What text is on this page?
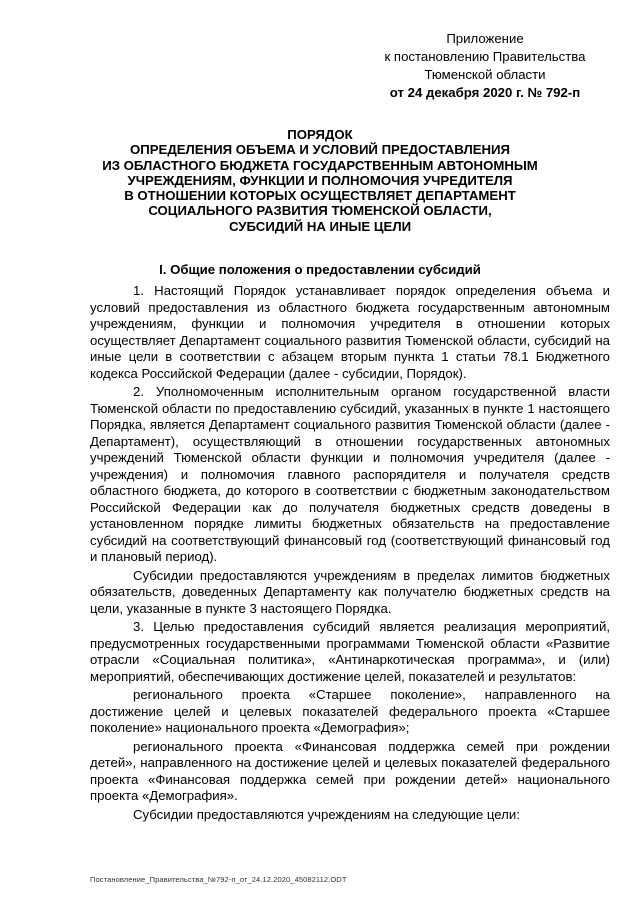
Приложение
к постановлению Правительства
Тюменской области
от 24 декабря 2020 г. № 792-п
ПОРЯДОК
ОПРЕДЕЛЕНИЯ ОБЪЕМА И УСЛОВИЙ ПРЕДОСТАВЛЕНИЯ
ИЗ ОБЛАСТНОГО БЮДЖЕТА ГОСУДАРСТВЕННЫМ АВТОНОМНЫМ
УЧРЕЖДЕНИЯМ, ФУНКЦИИ И ПОЛНОМОЧИЯ УЧРЕДИТЕЛЯ
В ОТНОШЕНИИ КОТОРЫХ ОСУЩЕСТВЛЯЕТ ДЕПАРТАМЕНТ
СОЦИАЛЬНОГО РАЗВИТИЯ ТЮМЕНСКОЙ ОБЛАСТИ,
СУБСИДИЙ НА ИНЫЕ ЦЕЛИ
I. Общие положения о предоставлении субсидий

1. Настоящий Порядок устанавливает порядок определения объема и условий предоставления из областного бюджета государственным автономным учреждениям, функции и полномочия учредителя в отношении которых осуществляет Департамент социального развития Тюменской области, субсидий на иные цели в соответствии с абзацем вторым пункта 1 статьи 78.1 Бюджетного кодекса Российской Федерации (далее - субсидии, Порядок).

2. Уполномоченным исполнительным органом государственной власти Тюменской области по предоставлению субсидий, указанных в пункте 1 настоящего Порядка, является Департамент социального развития Тюменской области (далее - Департамент), осуществляющий в отношении государственных автономных учреждений Тюменской области функции и полномочия учредителя (далее - учреждения) и полномочия главного распорядителя и получателя средств областного бюджета, до которого в соответствии с бюджетным законодательством Российской Федерации как до получателя бюджетных средств доведены в установленном порядке лимиты бюджетных обязательств на предоставление субсидий на соответствующий финансовый год (соответствующий финансовый год и плановый период).

Субсидии предоставляются учреждениям в пределах лимитов бюджетных обязательств, доведенных Департаменту как получателю бюджетных средств на цели, указанные в пункте 3 настоящего Порядка.

3. Целью предоставления субсидий является реализация мероприятий, предусмотренных государственными программами Тюменской области «Развитие отрасли «Социальная политика», «Антинаркотическая программа», и (или) мероприятий, обеспечивающих достижение целей, показателей и результатов:

регионального проекта «Старшее поколение», направленного на достижение целей и целевых показателей федерального проекта «Старшее поколение» национального проекта «Демография»;

регионального проекта «Финансовая поддержка семей при рождении детей», направленного на достижение целей и целевых показателей федерального проекта «Финансовая поддержка семей при рождении детей» национального проекта «Демография».

Субсидии предоставляются учреждениям на следующие цели:

Постановление_Правительства_№792-п_от_24.12.2020_45082112.ODT
